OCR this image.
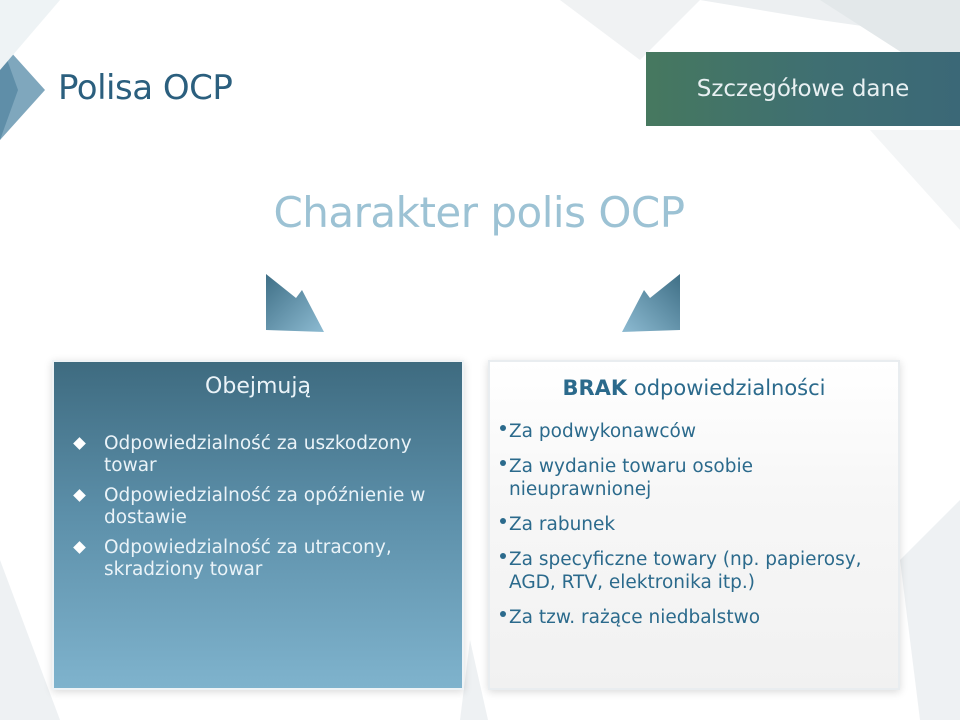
Polisa OCP	Szczegółowe dane
Charakter polis OCP
Obejmują
Odpowiedzialność za uszkodzony towar
Odpowiedzialność za opóźnienie w dostawie
Odpowiedzialność za utracony, skradziony towar
BRAK odpowiedzialności
Za podwykonawców
Za wydanie towaru osobie nieuprawnionej
Za rabunek
Za specyficzne towary (np. papierosy, AGD, RTV, elektronika itp.)
Za tzw. rażące niedbalstwo
